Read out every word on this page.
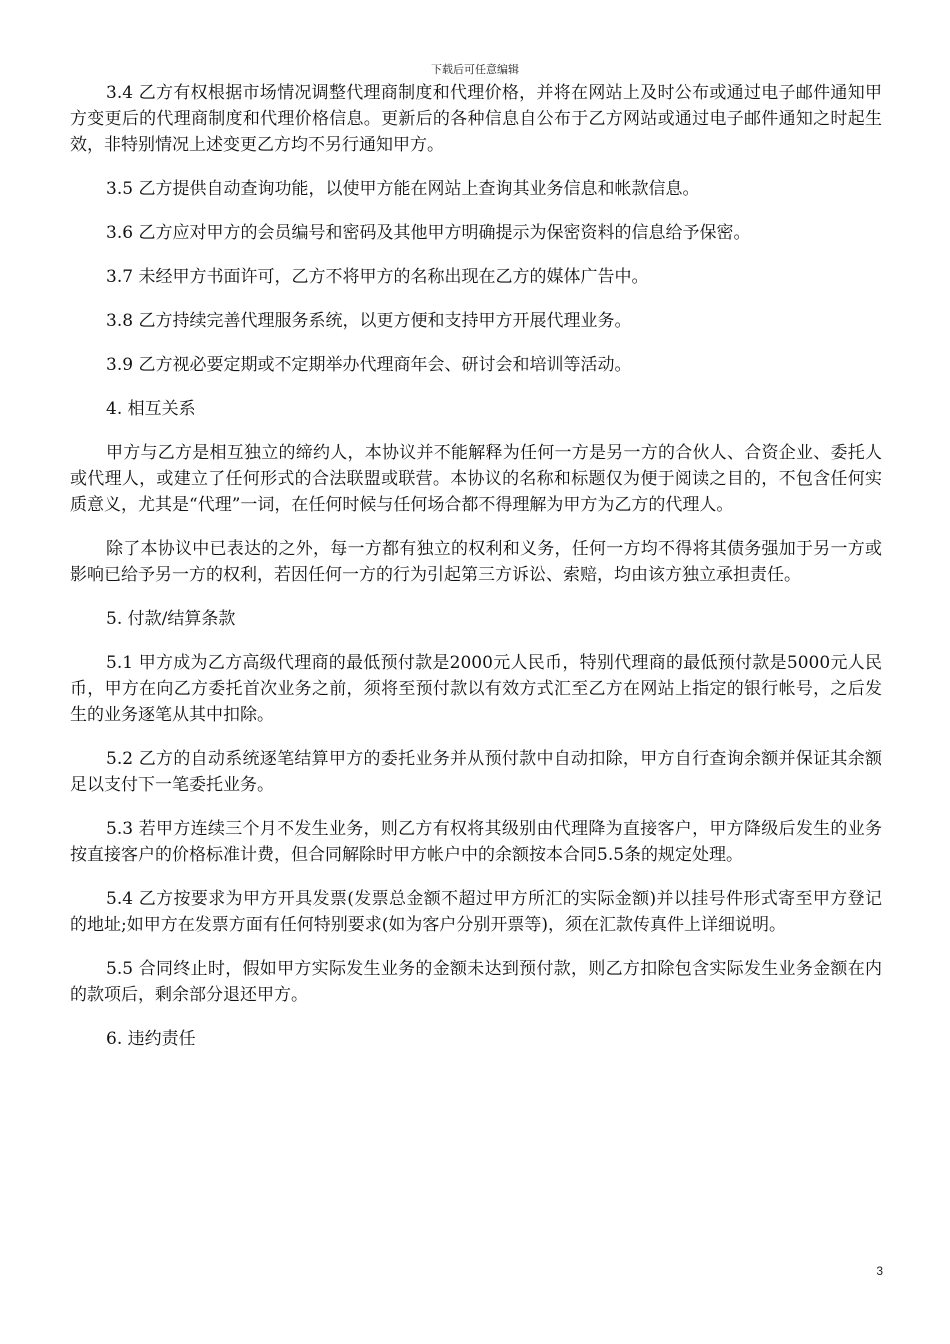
下载后可任意编辑

3.4 乙方有权根据市场情况调整代理商制度和代理价格，并将在网站上及时公布或通过电子邮件通知甲方变更后的代理商制度和代理价格信息。更新后的各种信息自公布于乙方网站或通过电子邮件通知之时起生效，非特别情况上述变更乙方均不另行通知甲方。

3.5 乙方提供自动查询功能，以使甲方能在网站上查询其业务信息和帐款信息。

3.6 乙方应对甲方的会员编号和密码及其他甲方明确提示为保密资料的信息给予保密。

3.7 未经甲方书面许可，乙方不将甲方的名称出现在乙方的媒体广告中。

3.8 乙方持续完善代理服务系统，以更方便和支持甲方开展代理业务。

3.9 乙方视必要定期或不定期举办代理商年会、研讨会和培训等活动。

4. 相互关系

甲方与乙方是相互独立的缔约人，本协议并不能解释为任何一方是另一方的合伙人、合资企业、委托人或代理人，或建立了任何形式的合法联盟或联营。本协议的名称和标题仅为便于阅读之目的，不包含任何实质意义，尤其是“代理”一词，在任何时候与任何场合都不得理解为甲方为乙方的代理人。

除了本协议中已表达的之外，每一方都有独立的权利和义务，任何一方均不得将其债务强加于另一方或影响已给予另一方的权利，若因任何一方的行为引起第三方诉讼、索赔，均由该方独立承担责任。

5. 付款/结算条款

5.1 甲方成为乙方高级代理商的最低预付款是2000元人民币，特别代理商的最低预付款是5000元人民币，甲方在向乙方委托首次业务之前，须将至预付款以有效方式汇至乙方在网站上指定的银行帐号，之后发生的业务逐笔从其中扣除。

5.2 乙方的自动系统逐笔结算甲方的委托业务并从预付款中自动扣除，甲方自行查询余额并保证其余额足以支付下一笔委托业务。

5.3 若甲方连续三个月不发生业务，则乙方有权将其级别由代理降为直接客户，甲方降级后发生的业务按直接客户的价格标准计费，但合同解除时甲方帐户中的余额按本合同5.5条的规定处理。

5.4 乙方按要求为甲方开具发票(发票总金额不超过甲方所汇的实际金额)并以挂号件形式寄至甲方登记的地址;如甲方在发票方面有任何特别要求(如为客户分别开票等)，须在汇款传真件上详细说明。

5.5 合同终止时，假如甲方实际发生业务的金额未达到预付款，则乙方扣除包含实际发生业务金额在内的款项后，剩余部分退还甲方。

6. 违约责任

3
